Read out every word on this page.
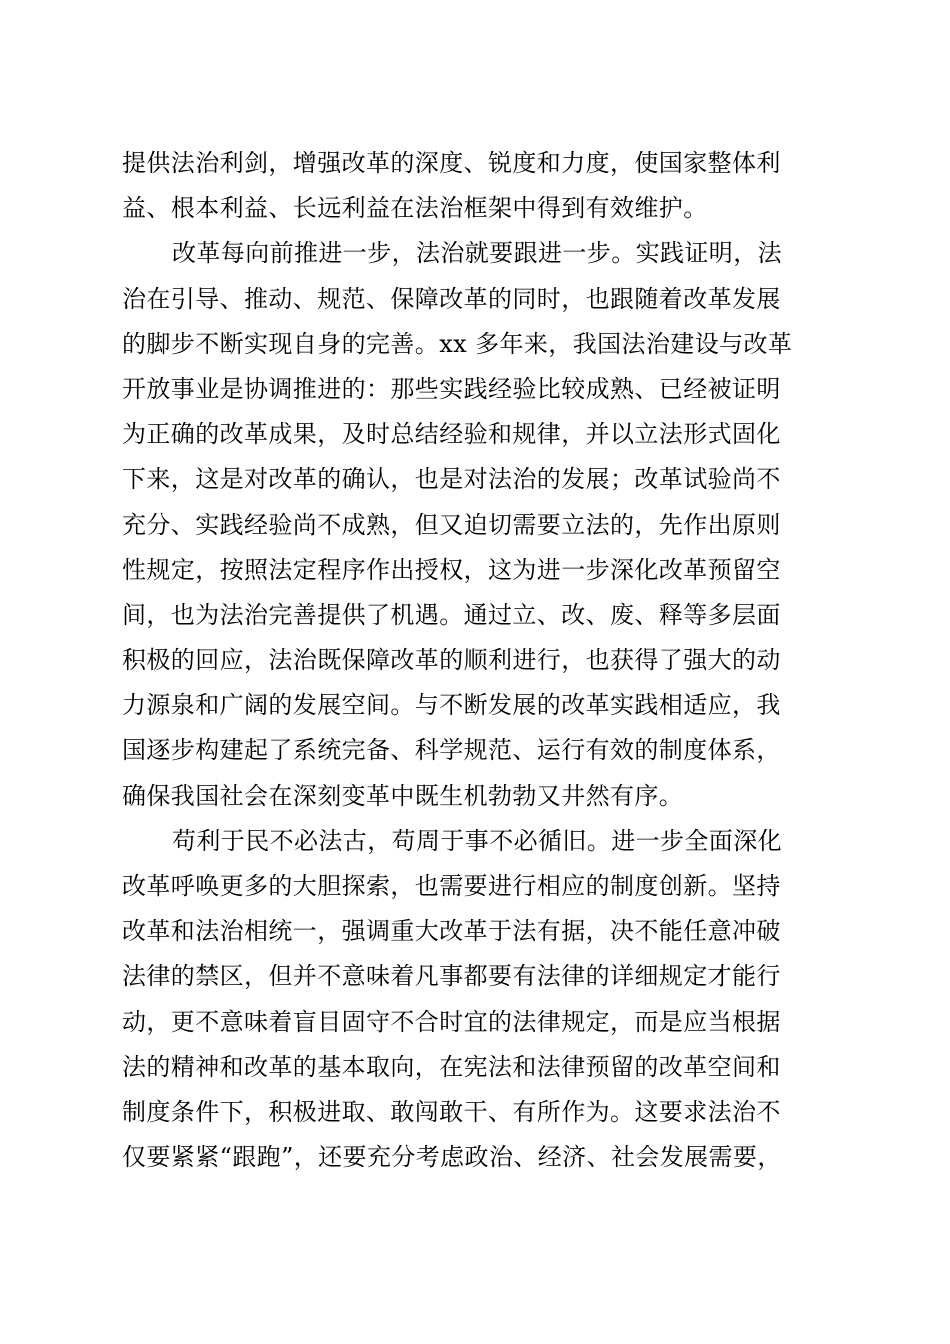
提供法治利剑，增强改革的深度、锐度和力度，使国家整体利
益、根本利益、长远利益在法治框架中得到有效维护。
改革每向前推进一步，法治就要跟进一步。实践证明，法
治在引导、推动、规范、保障改革的同时，也跟随着改革发展
的脚步不断实现自身的完善。xx 多年来，我国法治建设与改革
开放事业是协调推进的：那些实践经验比较成熟、已经被证明
为正确的改革成果，及时总结经验和规律，并以立法形式固化
下来，这是对改革的确认，也是对法治的发展；改革试验尚不
充分、实践经验尚不成熟，但又迫切需要立法的，先作出原则
性规定，按照法定程序作出授权，这为进一步深化改革预留空
间，也为法治完善提供了机遇。通过立、改、废、释等多层面
积极的回应，法治既保障改革的顺利进行，也获得了强大的动
力源泉和广阔的发展空间。与不断发展的改革实践相适应，我
国逐步构建起了系统完备、科学规范、运行有效的制度体系，
确保我国社会在深刻变革中既生机勃勃又井然有序。
苟利于民不必法古，苟周于事不必循旧。进一步全面深化
改革呼唤更多的大胆探索，也需要进行相应的制度创新。坚持
改革和法治相统一，强调重大改革于法有据，决不能任意冲破
法律的禁区，但并不意味着凡事都要有法律的详细规定才能行
动，更不意味着盲目固守不合时宜的法律规定，而是应当根据
法的精神和改革的基本取向，在宪法和法律预留的改革空间和
制度条件下，积极进取、敢闯敢干、有所作为。这要求法治不
仅要紧紧“跟跑”，还要充分考虑政治、经济、社会发展需要，
